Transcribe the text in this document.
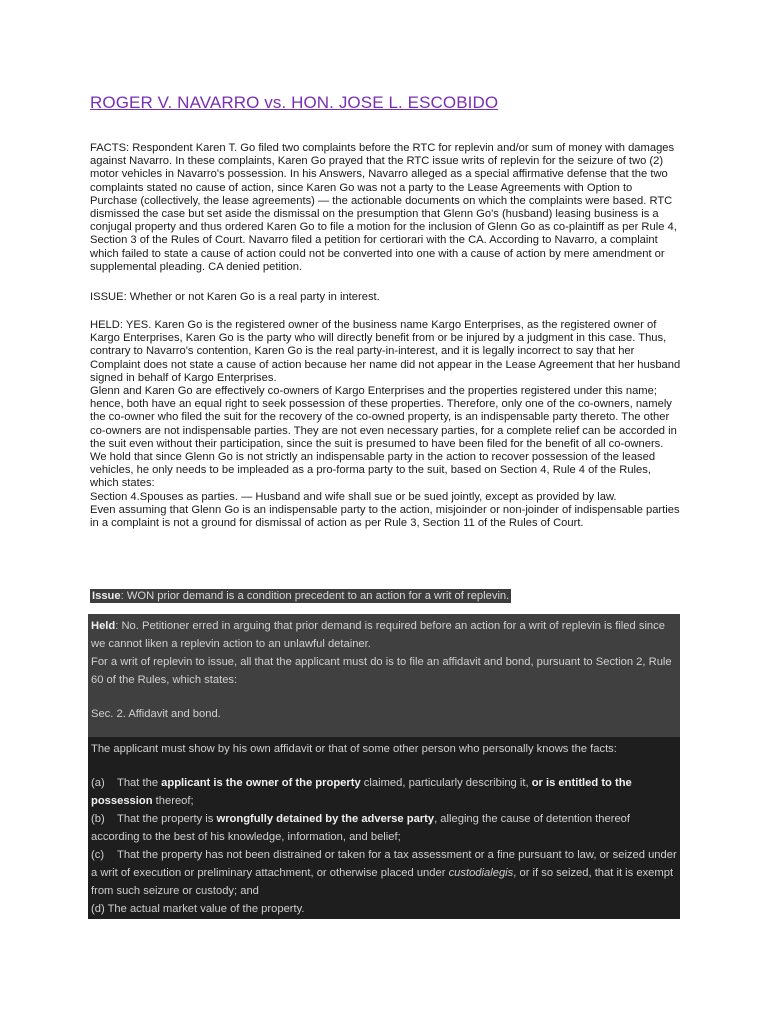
ROGER V. NAVARRO vs. HON. JOSE L. ESCOBIDO

FACTS: Respondent Karen T. Go filed two complaints before the RTC for replevin and/or sum of money with damages against Navarro. In these complaints, Karen Go prayed that the RTC issue writs of replevin for the seizure of two (2) motor vehicles in Navarro's possession. In his Answers, Navarro alleged as a special affirmative defense that the two complaints stated no cause of action, since Karen Go was not a party to the Lease Agreements with Option to Purchase (collectively, the lease agreements) — the actionable documents on which the complaints were based. RTC dismissed the case but set aside the dismissal on the presumption that Glenn Go's (husband) leasing business is a conjugal property and thus ordered Karen Go to file a motion for the inclusion of Glenn Go as co-plaintiff as per Rule 4, Section 3 of the Rules of Court. Navarro filed a petition for certiorari with the CA. According to Navarro, a complaint which failed to state a cause of action could not be converted into one with a cause of action by mere amendment or supplemental pleading. CA denied petition.

ISSUE: Whether or not Karen Go is a real party in interest.

HELD: YES. Karen Go is the registered owner of the business name Kargo Enterprises, as the registered owner of Kargo Enterprises, Karen Go is the party who will directly benefit from or be injured by a judgment in this case. Thus, contrary to Navarro's contention, Karen Go is the real party-in-interest, and it is legally incorrect to say that her Complaint does not state a cause of action because her name did not appear in the Lease Agreement that her husband signed in behalf of Kargo Enterprises.
Glenn and Karen Go are effectively co-owners of Kargo Enterprises and the properties registered under this name; hence, both have an equal right to seek possession of these properties. Therefore, only one of the co-owners, namely the co-owner who filed the suit for the recovery of the co-owned property, is an indispensable party thereto. The other co-owners are not indispensable parties. They are not even necessary parties, for a complete relief can be accorded in the suit even without their participation, since the suit is presumed to have been filed for the benefit of all co-owners.
We hold that since Glenn Go is not strictly an indispensable party in the action to recover possession of the leased vehicles, he only needs to be impleaded as a pro-forma party to the suit, based on Section 4, Rule 4 of the Rules, which states:
Section 4.Spouses as parties. — Husband and wife shall sue or be sued jointly, except as provided by law.
Even assuming that Glenn Go is an indispensable party to the action, misjoinder or non-joinder of indispensable parties in a complaint is not a ground for dismissal of action as per Rule 3, Section 11 of the Rules of Court.
Issue: WON prior demand is a condition precedent to an action for a writ of replevin.

Held: No. Petitioner erred in arguing that prior demand is required before an action for a writ of replevin is filed since we cannot liken a replevin action to an unlawful detainer.

For a writ of replevin to issue, all that the applicant must do is to file an affidavit and bond, pursuant to Section 2, Rule 60 of the Rules, which states:

Sec. 2. Affidavit and bond.

The applicant must show by his own affidavit or that of some other person who personally knows the facts:

(a) That the applicant is the owner of the property claimed, particularly describing it, or is entitled to the possession thereof;

(b) That the property is wrongfully detained by the adverse party, alleging the cause of detention thereof according to the best of his knowledge, information, and belief;

(c) That the property has not been distrained or taken for a tax assessment or a fine pursuant to law, or seized under a writ of execution or preliminary attachment, or otherwise placed under custodialegis, or if so seized, that it is exempt from such seizure or custody; and

(d) The actual market value of the property.
